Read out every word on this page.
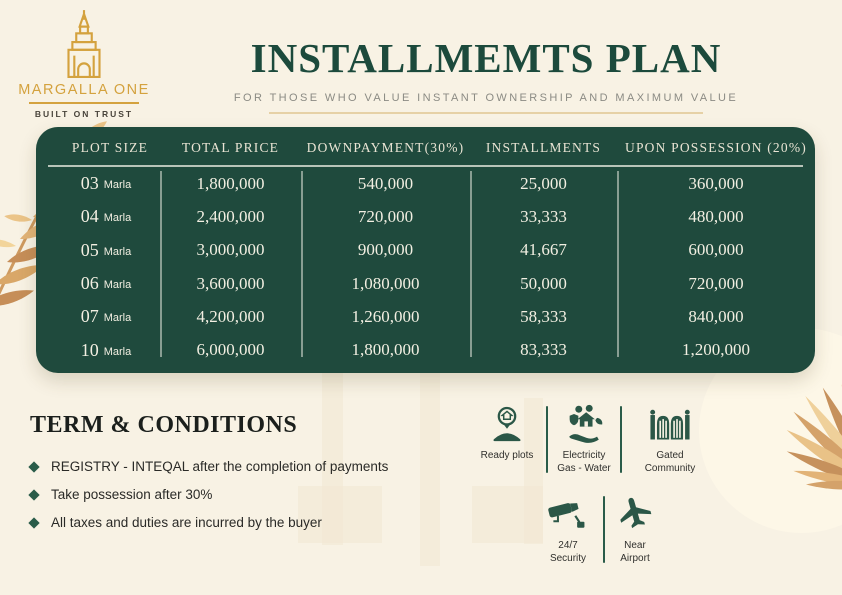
MARGALLA ONE
BUILT ON TRUST
INSTALLMEMTS PLAN
FOR THOSE WHO VALUE INSTANT OWNERSHIP AND MAXIMUM VALUE
PLOT SIZE	TOTAL PRICE	DOWNPAYMENT(30%)	INSTALLMENTS	UPON POSSESSION (20%)
03 Marla	1,800,000	540,000	25,000	360,000
04 Marla	2,400,000	720,000	33,333	480,000
05 Marla	3,000,000	900,000	41,667	600,000
06 Marla	3,600,000	1,080,000	50,000	720,000
07 Marla	4,200,000	1,260,000	58,333	840,000
10 Marla	6,000,000	1,800,000	83,333	1,200,000
TERM & CONDITIONS
REGISTRY - INTEQAL after the completion of payments
Take possession after 30%
All taxes and duties are incurred by the buyer
Ready plots	Electricity
Gas - Water
Gated
Community
24/7
Security
Near
Airport
